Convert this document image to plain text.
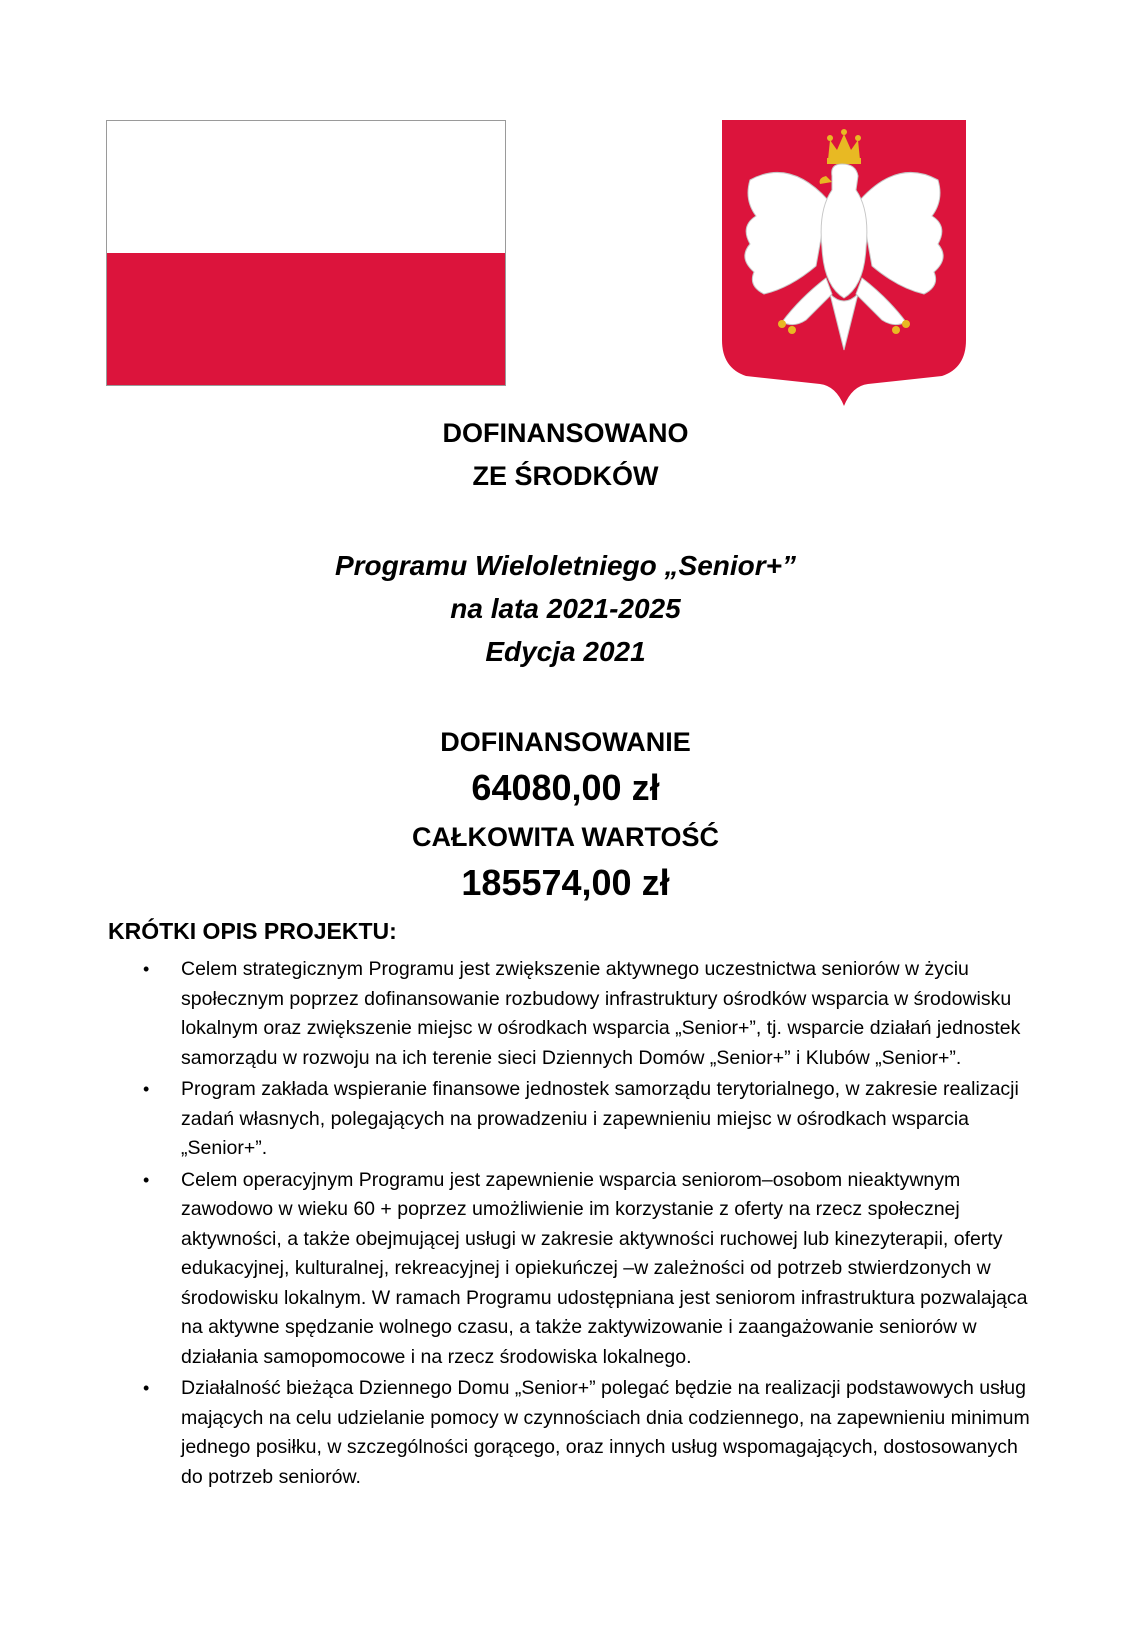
DOFINANSOWANO
ZE ŚRODKÓW
Programu Wieloletniego „Senior+”
na lata 2021-2025
Edycja 2021
DOFINANSOWANIE
64080,00 zł
CAŁKOWITA WARTOŚĆ
185574,00 zł
KRÓTKI OPIS PROJEKTU:
• Celem strategicznym Programu jest zwiększenie aktywnego uczestnictwa seniorów w życiu społecznym poprzez dofinansowanie rozbudowy infrastruktury ośrodków wsparcia w środowisku lokalnym oraz zwiększenie miejsc w ośrodkach wsparcia „Senior+”, tj. wsparcie działań jednostek samorządu w rozwoju na ich terenie sieci Dziennych Domów „Senior+” i Klubów „Senior+”.
• Program zakłada wspieranie finansowe jednostek samorządu terytorialnego, w zakresie realizacji zadań własnych, polegających na prowadzeniu i zapewnieniu miejsc w ośrodkach wsparcia „Senior+”.
• Celem operacyjnym Programu jest zapewnienie wsparcia seniorom–osobom nieaktywnym zawodowo w wieku 60 + poprzez umożliwienie im korzystanie z oferty na rzecz społecznej aktywności, a także obejmującej usługi w zakresie aktywności ruchowej lub kinezyterapii, oferty edukacyjnej, kulturalnej, rekreacyjnej i opiekuńczej –w zależności od potrzeb stwierdzonych w środowisku lokalnym. W ramach Programu udostępniana jest seniorom infrastruktura pozwalająca na aktywne spędzanie wolnego czasu, a także zaktywizowanie i zaangażowanie seniorów w działania samopomocowe i na rzecz środowiska lokalnego.
• Działalność bieżąca Dziennego Domu „Senior+” polegać będzie na realizacji podstawowych usług mających na celu udzielanie pomocy w czynnościach dnia codziennego, na zapewnieniu minimum jednego posiłku, w szczególności gorącego, oraz innych usług wspomagających, dostosowanych do potrzeb seniorów.
